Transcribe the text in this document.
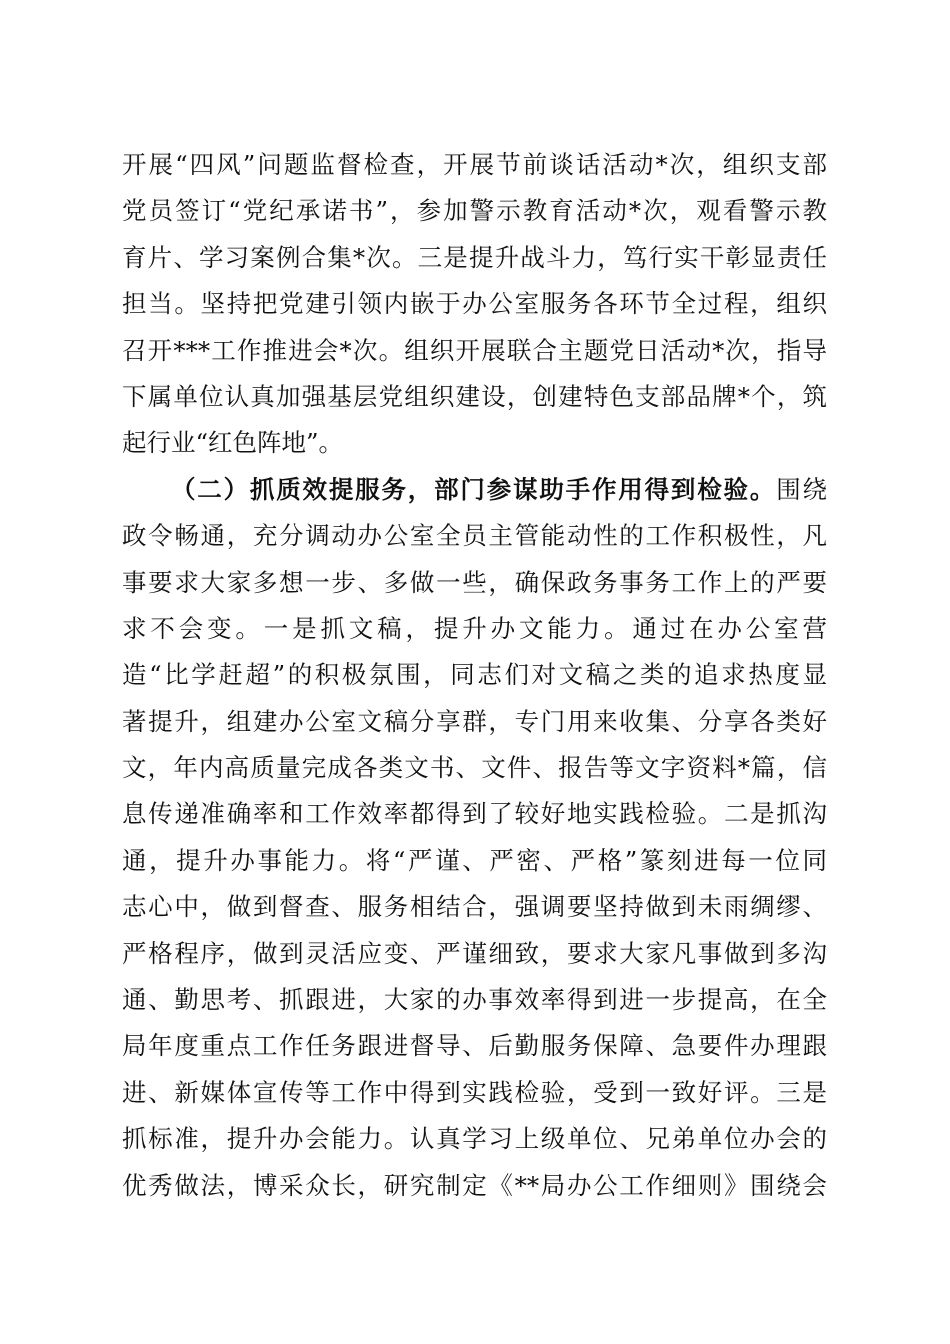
开展“四风”问题监督检查，开展节前谈话活动*次，组织支部
党员签订“党纪承诺书”，参加警示教育活动*次，观看警示教
育片、学习案例合集*次。三是提升战斗力，笃行实干彰显责任
担当。坚持把党建引领内嵌于办公室服务各环节全过程，组织
召开***工作推进会*次。组织开展联合主题党日活动*次，指导
下属单位认真加强基层党组织建设，创建特色支部品牌*个，筑
起行业“红色阵地”。
（二）抓质效提服务，部门参谋助手作用得到检验。围绕
政令畅通，充分调动办公室全员主管能动性的工作积极性，凡
事要求大家多想一步、多做一些，确保政务事务工作上的严要
求不会变。一是抓文稿，提升办文能力。通过在办公室营
造“比学赶超”的积极氛围，同志们对文稿之类的追求热度显
著提升，组建办公室文稿分享群，专门用来收集、分享各类好
文，年内高质量完成各类文书、文件、报告等文字资料*篇，信
息传递准确率和工作效率都得到了较好地实践检验。二是抓沟
通，提升办事能力。将“严谨、严密、严格”篆刻进每一位同
志心中，做到督查、服务相结合，强调要坚持做到未雨绸缪、
严格程序，做到灵活应变、严谨细致，要求大家凡事做到多沟
通、勤思考、抓跟进，大家的办事效率得到进一步提高，在全
局年度重点工作任务跟进督导、后勤服务保障、急要件办理跟
进、新媒体宣传等工作中得到实践检验，受到一致好评。三是
抓标准，提升办会能力。认真学习上级单位、兄弟单位办会的
优秀做法，博采众长，研究制定《**局办公工作细则》围绕会
